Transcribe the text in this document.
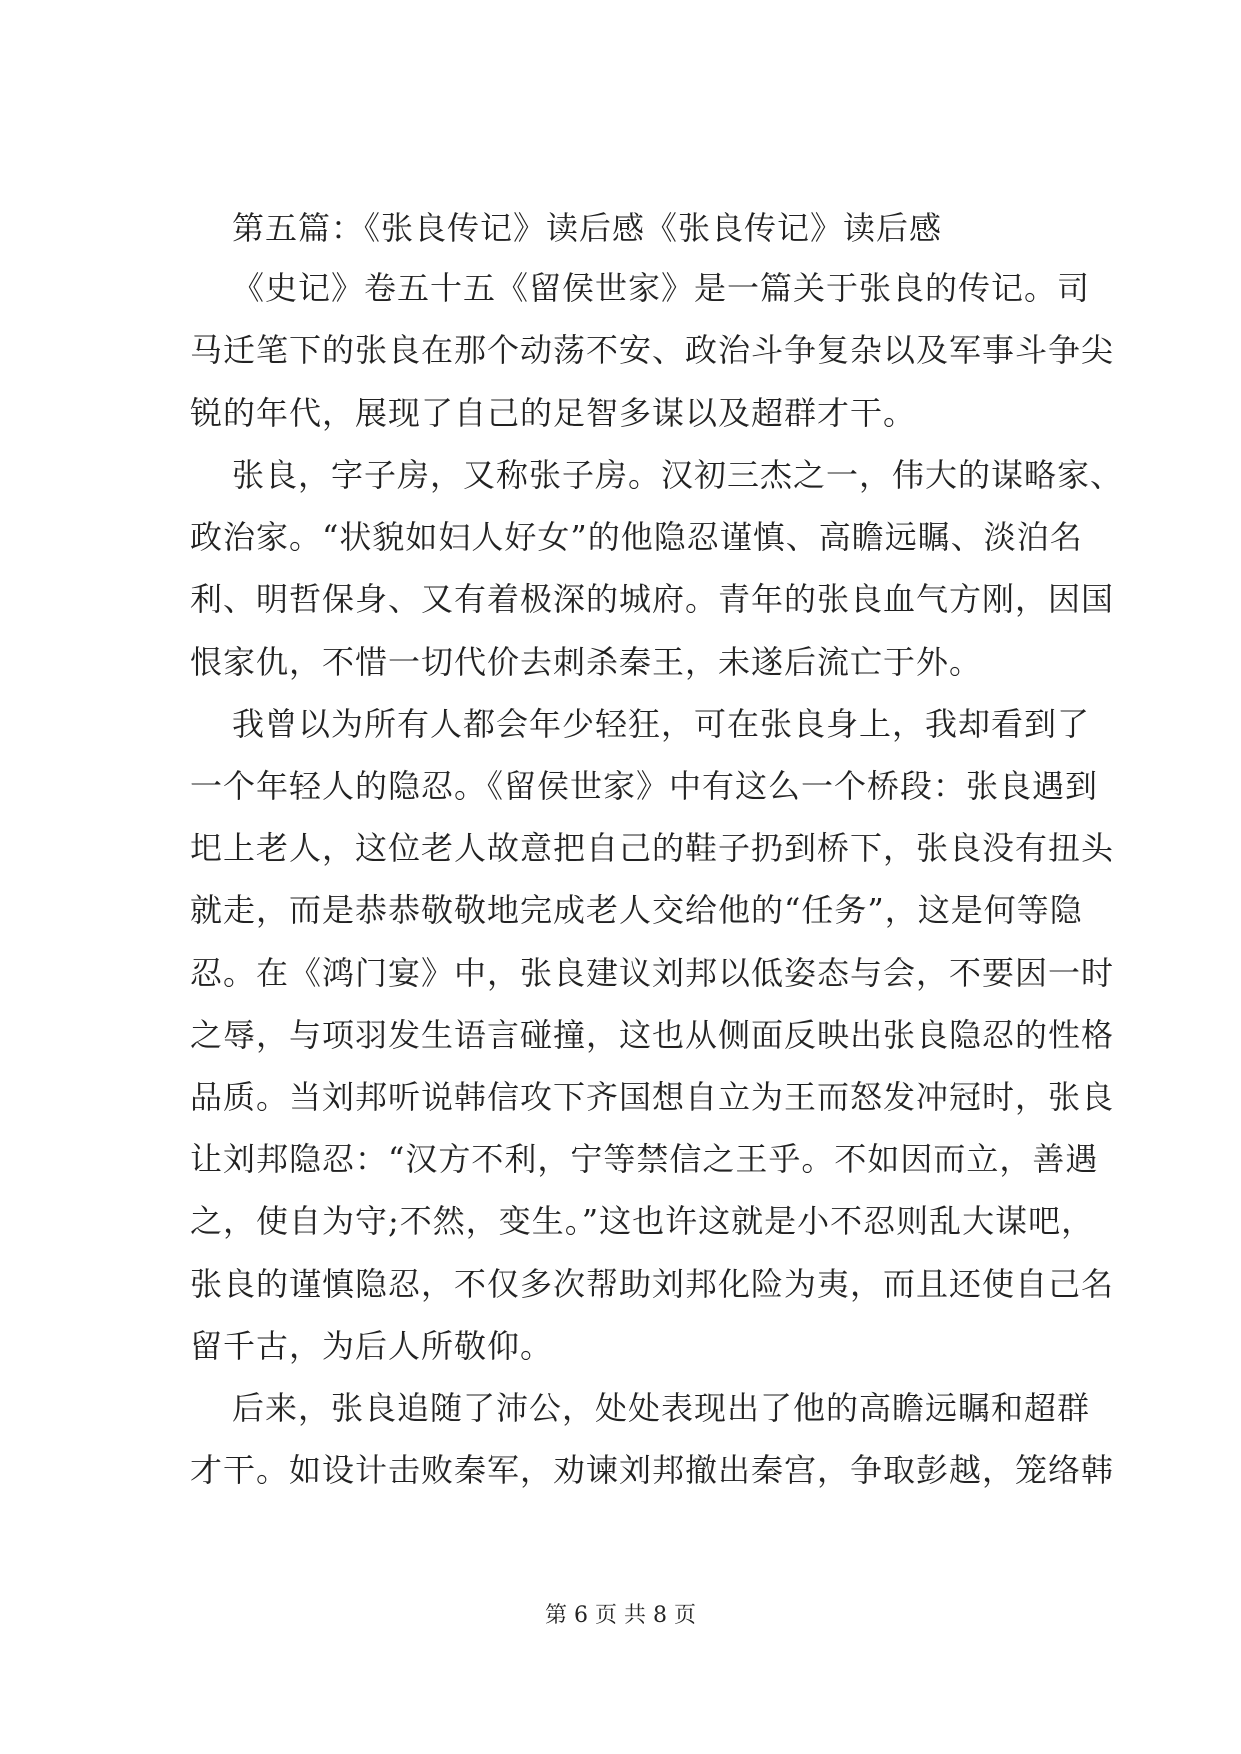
第五篇：《张良传记》读后感《张良传记》读后感
《史记》卷五十五《留侯世家》是一篇关于张良的传记。司
马迁笔下的张良在那个动荡不安、政治斗争复杂以及军事斗争尖
锐的年代，展现了自己的足智多谋以及超群才干。
张良，字子房，又称张子房。汉初三杰之一，伟大的谋略家、
政治家。“状貌如妇人好女”的他隐忍谨慎、高瞻远瞩、淡泊名
利、明哲保身、又有着极深的城府。青年的张良血气方刚，因国
恨家仇，不惜一切代价去刺杀秦王，未遂后流亡于外。
我曾以为所有人都会年少轻狂，可在张良身上，我却看到了
一个年轻人的隐忍。《留侯世家》中有这么一个桥段：张良遇到
圯上老人，这位老人故意把自己的鞋子扔到桥下，张良没有扭头
就走，而是恭恭敬敬地完成老人交给他的“任务”，这是何等隐
忍。在《鸿门宴》中，张良建议刘邦以低姿态与会，不要因一时
之辱，与项羽发生语言碰撞，这也从侧面反映出张良隐忍的性格
品质。当刘邦听说韩信攻下齐国想自立为王而怒发冲冠时，张良
让刘邦隐忍：“汉方不利，宁等禁信之王乎。不如因而立，善遇
之，使自为守;不然，变生。”这也许这就是小不忍则乱大谋吧，
张良的谨慎隐忍，不仅多次帮助刘邦化险为夷，而且还使自己名
留千古，为后人所敬仰。
后来，张良追随了沛公，处处表现出了他的高瞻远瞩和超群
才干。如设计击败秦军，劝谏刘邦撤出秦宫，争取彭越，笼络韩
第 6 页 共 8 页
